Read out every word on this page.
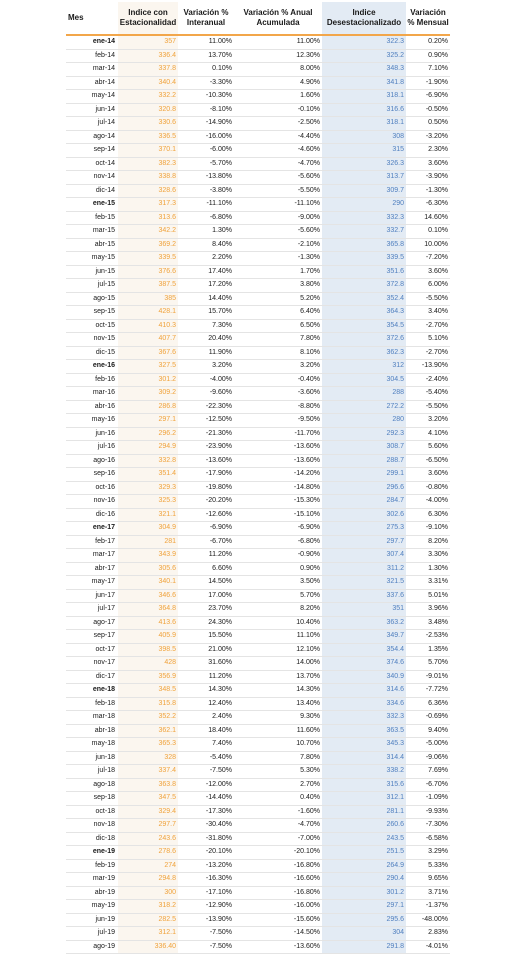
Mes	Indice con Estacionalidad	Variación % Interanual	Variación % Anual Acumulada	Indice Desestacionalizado	Variación % Mensual
ene-14	357	11.00%	11.00%	322.3	0.20%
feb-14	336.4	13.70%	12.30%	325.2	0.90%
mar-14	337.8	0.10%	8.00%	348.3	7.10%
abr-14	340.4	-3.30%	4.90%	341.8	-1.90%
may-14	332.2	-10.30%	1.60%	318.1	-6.90%
jun-14	320.8	-8.10%	-0.10%	316.6	-0.50%
jul-14	330.6	-14.90%	-2.50%	318.1	0.50%
ago-14	336.5	-16.00%	-4.40%	308	-3.20%
sep-14	370.1	-6.00%	-4.60%	315	2.30%
oct-14	382.3	-5.70%	-4.70%	326.3	3.60%
nov-14	338.8	-13.80%	-5.60%	313.7	-3.90%
dic-14	328.6	-3.80%	-5.50%	309.7	-1.30%
ene-15	317.3	-11.10%	-11.10%	290	-6.30%
feb-15	313.6	-6.80%	-9.00%	332.3	14.60%
mar-15	342.2	1.30%	-5.60%	332.7	0.10%
abr-15	369.2	8.40%	-2.10%	365.8	10.00%
may-15	339.5	2.20%	-1.30%	339.5	-7.20%
jun-15	376.6	17.40%	1.70%	351.6	3.60%
jul-15	387.5	17.20%	3.80%	372.8	6.00%
ago-15	385	14.40%	5.20%	352.4	-5.50%
sep-15	428.1	15.70%	6.40%	364.3	3.40%
oct-15	410.3	7.30%	6.50%	354.5	-2.70%
nov-15	407.7	20.40%	7.80%	372.6	5.10%
dic-15	367.6	11.90%	8.10%	362.3	-2.70%
ene-16	327.5	3.20%	3.20%	312	-13.90%
feb-16	301.2	-4.00%	-0.40%	304.5	-2.40%
mar-16	309.2	-9.60%	-3.60%	288	-5.40%
abr-16	286.8	-22.30%	-8.80%	272.2	-5.50%
may-16	297.1	-12.50%	-9.50%	280	3.20%
jun-16	296.2	-21.30%	-11.70%	292.3	4.10%
jul-16	294.9	-23.90%	-13.60%	308.7	5.60%
ago-16	332.8	-13.60%	-13.60%	288.7	-6.50%
sep-16	351.4	-17.90%	-14.20%	299.1	3.60%
oct-16	329.3	-19.80%	-14.80%	296.6	-0.80%
nov-16	325.3	-20.20%	-15.30%	284.7	-4.00%
dic-16	321.1	-12.60%	-15.10%	302.6	6.30%
ene-17	304.9	-6.90%	-6.90%	275.3	-9.10%
feb-17	281	-6.70%	-6.80%	297.7	8.20%
mar-17	343.9	11.20%	-0.90%	307.4	3.30%
abr-17	305.6	6.60%	0.90%	311.2	1.30%
may-17	340.1	14.50%	3.50%	321.5	3.31%
jun-17	346.6	17.00%	5.70%	337.6	5.01%
jul-17	364.8	23.70%	8.20%	351	3.96%
ago-17	413.6	24.30%	10.40%	363.2	3.48%
sep-17	405.9	15.50%	11.10%	349.7	-2.53%
oct-17	398.5	21.00%	12.10%	354.4	1.35%
nov-17	428	31.60%	14.00%	374.6	5.70%
dic-17	356.9	11.20%	13.70%	340.9	-9.01%
ene-18	348.5	14.30%	14.30%	314.6	-7.72%
feb-18	315.8	12.40%	13.40%	334.6	6.36%
mar-18	352.2	2.40%	9.30%	332.3	-0.69%
abr-18	362.1	18.40%	11.60%	363.5	9.40%
may-18	365.3	7.40%	10.70%	345.3	-5.00%
jun-18	328	-5.40%	7.80%	314.4	-9.06%
jul-18	337.4	-7.50%	5.30%	338.2	7.69%
ago-18	363.8	-12.00%	2.70%	315.6	-6.70%
sep-18	347.5	-14.40%	0.40%	312.1	-1.09%
oct-18	329.4	-17.30%	-1.60%	281.1	-9.93%
nov-18	297.7	-30.40%	-4.70%	260.6	-7.30%
dic-18	243.6	-31.80%	-7.00%	243.5	-6.58%
ene-19	278.6	-20.10%	-20.10%	251.5	3.29%
feb-19	274	-13.20%	-16.80%	264.9	5.33%
mar-19	294.8	-16.30%	-16.60%	290.4	9.65%
abr-19	300	-17.10%	-16.80%	301.2	3.71%
may-19	318.2	-12.90%	-16.00%	297.1	-1.37%
jun-19	282.5	-13.90%	-15.60%	295.6	-48.00%
jul-19	312.1	-7.50%	-14.50%	304	2.83%
ago-19	336.40	-7.50%	-13.60%	291.8	-4.01%
